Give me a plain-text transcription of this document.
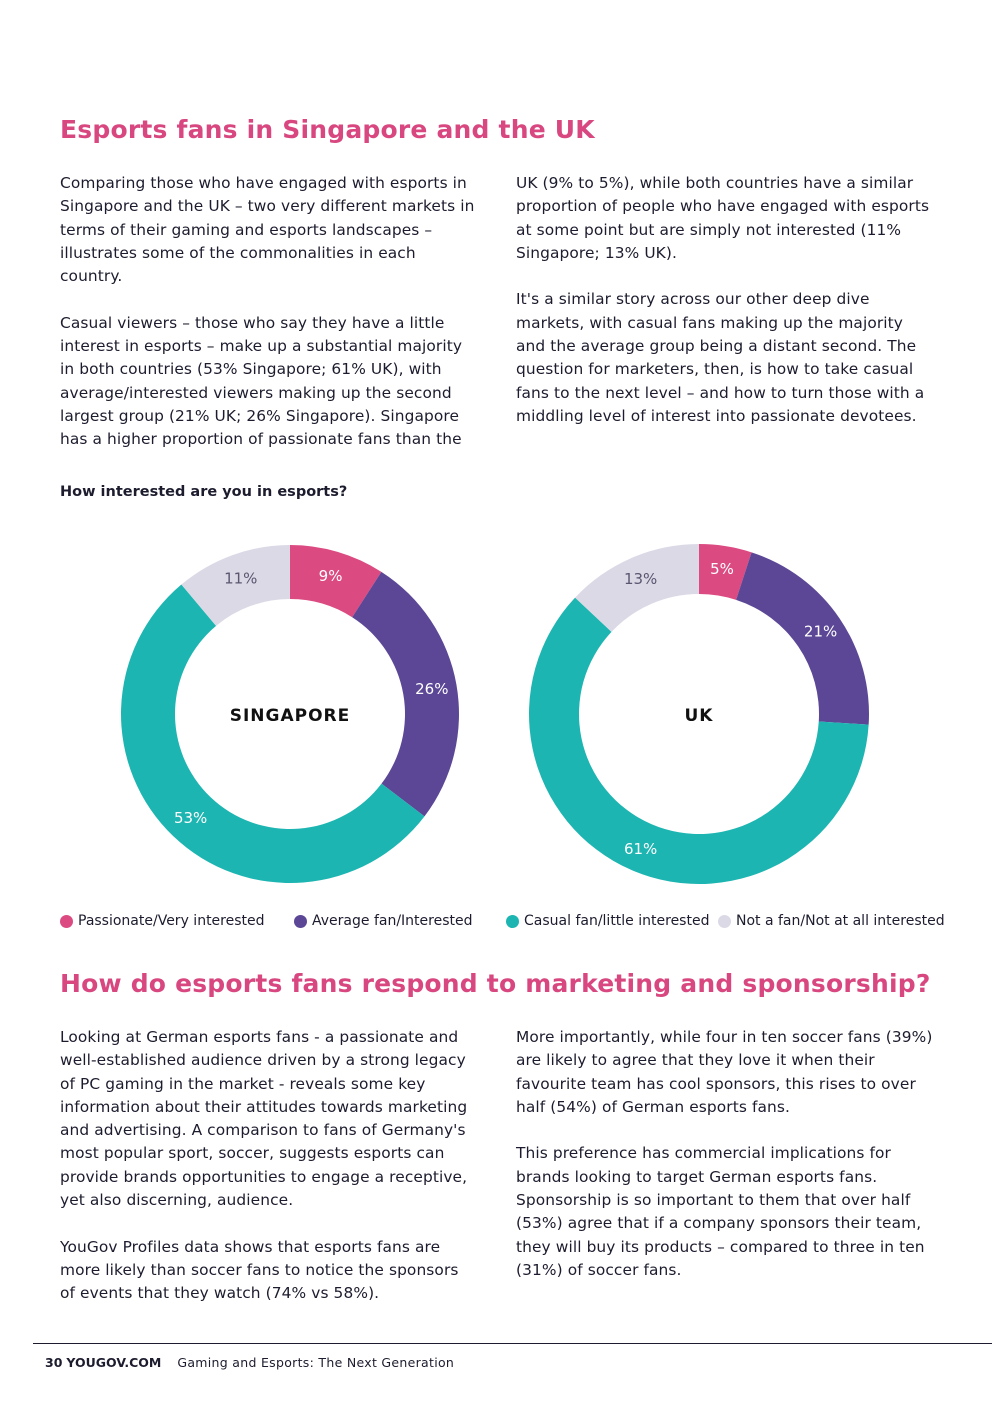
Esports fans in Singapore and the UK

Comparing those who have engaged with esports in Singapore and the UK – two very different markets in terms of their gaming and esports landscapes – illustrates some of the commonalities in each country.

Casual viewers – those who say they have a little interest in esports – make up a substantial majority in both countries (53% Singapore; 61% UK), with average/interested viewers making up the second largest group (21% UK; 26% Singapore). Singapore has a higher proportion of passionate fans than the

UK (9% to 5%), while both countries have a similar proportion of people who have engaged with esports at some point but are simply not interested (11% Singapore; 13% UK).

It's a similar story across our other deep dive markets, with casual fans making up the majority and the average group being a distant second. The question for marketers, then, is how to take casual fans to the next level – and how to turn those with a middling level of interest into passionate devotees.

How interested are you in esports?
9%
26%
53%
11%
SINGAPORE
5%
21%
61%
13%
UK
Passionate/Very interested	Average fan/Interested	Casual fan/little interested Not a fan/Not at all interested
How do esports fans respond to marketing and sponsorship?

Looking at German esports fans - a passionate and well-established audience driven by a strong legacy of PC gaming in the market - reveals some key information about their attitudes towards marketing and advertising. A comparison to fans of Germany's most popular sport, soccer, suggests esports can provide brands opportunities to engage a receptive, yet also discerning, audience.

YouGov Profiles data shows that esports fans are more likely than soccer fans to notice the sponsors of events that they watch (74% vs 58%).

More importantly, while four in ten soccer fans (39%) are likely to agree that they love it when their favourite team has cool sponsors, this rises to over half (54%) of German esports fans.

This preference has commercial implications for brands looking to target German esports fans. Sponsorship is so important to them that over half (53%) agree that if a company sponsors their team, they will buy its products – compared to three in ten (31%) of soccer fans.

30 YOUGOV.COM Gaming and Esports: The Next Generation
